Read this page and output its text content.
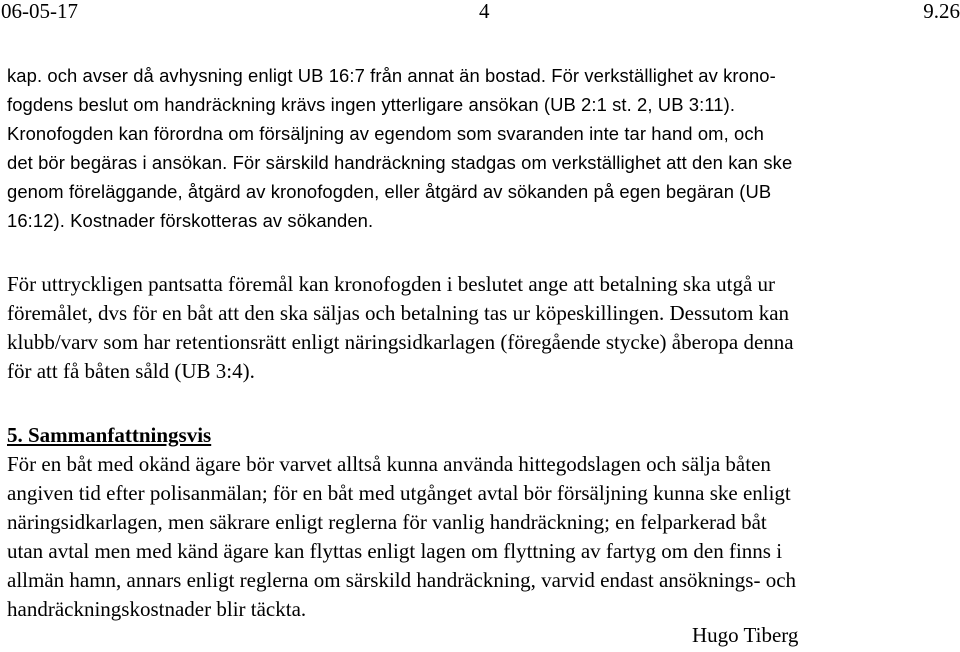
06-05-17	4	9.26
kap. och avser då avhysning enligt UB 16:7 från annat än bostad. För verkställighet av krono-
fogdens beslut om handräckning krävs ingen ytterligare ansökan (UB 2:1 st. 2, UB 3:11).
Kronofogden kan förordna om försäljning av egendom som svaranden inte tar hand om, och
det bör begäras i ansökan. För särskild handräckning stadgas om verkställighet att den kan ske
genom föreläggande, åtgärd av kronofogden, eller åtgärd av sökanden på egen begäran (UB
16:12). Kostnader förskotteras av sökanden.
För uttryckligen pantsatta föremål kan kronofogden i beslutet ange att betalning ska utgå ur
föremålet, dvs för en båt att den ska säljas och betalning tas ur köpeskillingen. Dessutom kan
klubb/varv som har retentionsrätt enligt näringsidkarlagen (föregående stycke) åberopa denna
för att få båten såld (UB 3:4).
5. Sammanfattningsvis
För en båt med okänd ägare bör varvet alltså kunna använda hittegodslagen och sälja båten
angiven tid efter polisanmälan; för en båt med utgånget avtal bör försäljning kunna ske enligt
näringsidkarlagen, men säkrare enligt reglerna för vanlig handräckning; en felparkerad båt
utan avtal men med känd ägare kan flyttas enligt lagen om flyttning av fartyg om den finns i
allmän hamn, annars enligt reglerna om särskild handräckning, varvid endast ansöknings- och
handräckningskostnader blir täckta.
Hugo Tiberg
